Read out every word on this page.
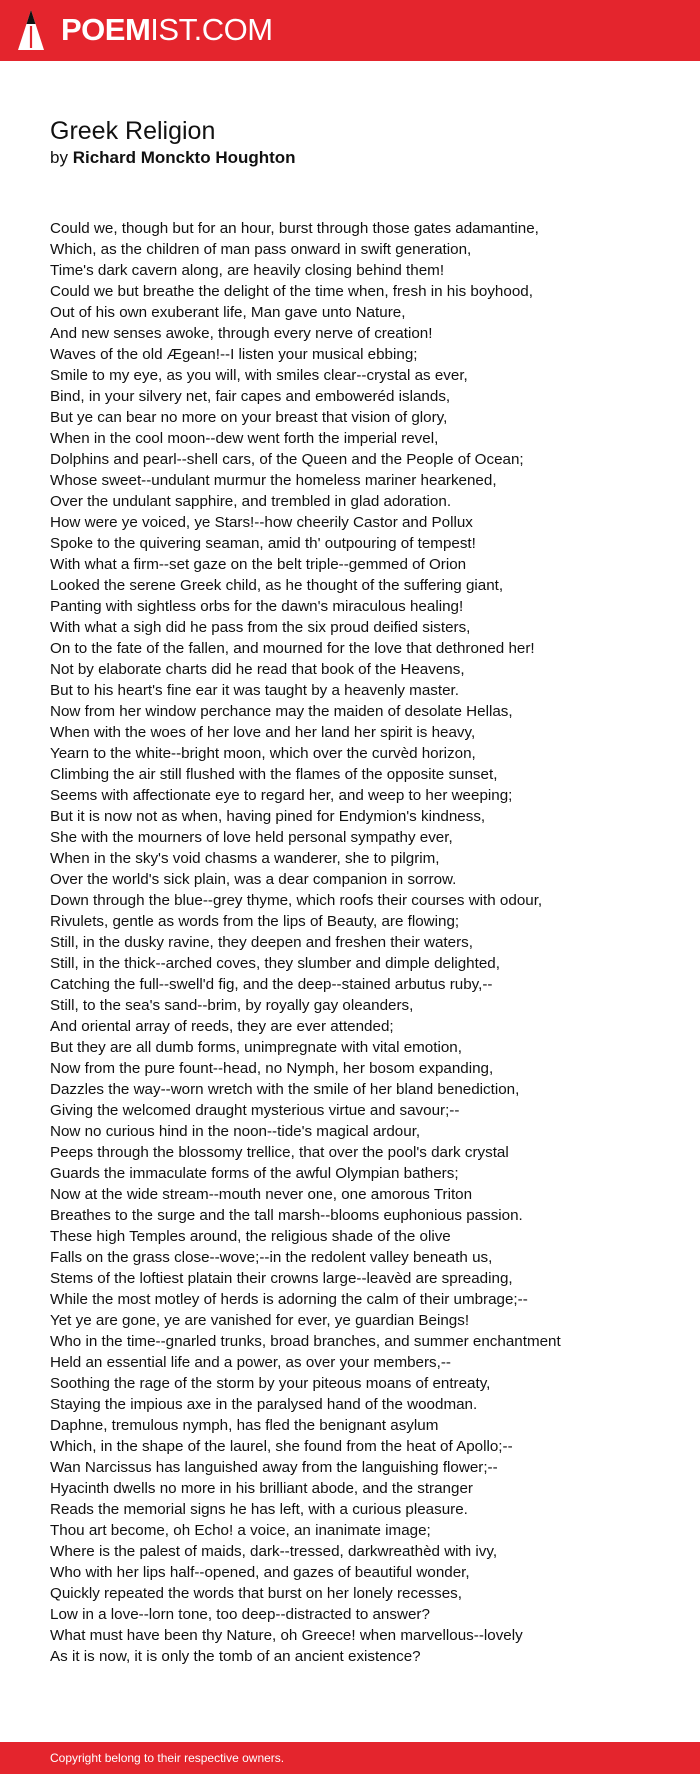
POEMIST.COM
Greek Religion
by Richard Monckto Houghton
Could we, though but for an hour, burst through those gates adamantine,
Which, as the children of man pass onward in swift generation,
Time's dark cavern along, are heavily closing behind them!
Could we but breathe the delight of the time when, fresh in his boyhood,
Out of his own exuberant life, Man gave unto Nature,
And new senses awoke, through every nerve of creation!
Waves of the old Ægean!--I listen your musical ebbing;
Smile to my eye, as you will, with smiles clear--crystal as ever,
Bind, in your silvery net, fair capes and emboweréd islands,
But ye can bear no more on your breast that vision of glory,
When in the cool moon--dew went forth the imperial revel,
Dolphins and pearl--shell cars, of the Queen and the People of Ocean;
Whose sweet--undulant murmur the homeless mariner hearkened,
Over the undulant sapphire, and trembled in glad adoration.
How were ye voiced, ye Stars!--how cheerily Castor and Pollux
Spoke to the quivering seaman, amid th' outpouring of tempest!
With what a firm--set gaze on the belt triple--gemmed of Orion
Looked the serene Greek child, as he thought of the suffering giant,
Panting with sightless orbs for the dawn's miraculous healing!
With what a sigh did he pass from the six proud deified sisters,
On to the fate of the fallen, and mourned for the love that dethroned her!
Not by elaborate charts did he read that book of the Heavens,
But to his heart's fine ear it was taught by a heavenly master.
Now from her window perchance may the maiden of desolate Hellas,
When with the woes of her love and her land her spirit is heavy,
Yearn to the white--bright moon, which over the curvèd horizon,
Climbing the air still flushed with the flames of the opposite sunset,
Seems with affectionate eye to regard her, and weep to her weeping;
But it is now not as when, having pined for Endymion's kindness,
She with the mourners of love held personal sympathy ever,
When in the sky's void chasms a wanderer, she to pilgrim,
Over the world's sick plain, was a dear companion in sorrow.
Down through the blue--grey thyme, which roofs their courses with odour,
Rivulets, gentle as words from the lips of Beauty, are flowing;
Still, in the dusky ravine, they deepen and freshen their waters,
Still, in the thick--arched coves, they slumber and dimple delighted,
Catching the full--swell'd fig, and the deep--stained arbutus ruby,--
Still, to the sea's sand--brim, by royally gay oleanders,
And oriental array of reeds, they are ever attended;
But they are all dumb forms, unimpregnate with vital emotion,
Now from the pure fount--head, no Nymph, her bosom expanding,
Dazzles the way--worn wretch with the smile of her bland benediction,
Giving the welcomed draught mysterious virtue and savour;--
Now no curious hind in the noon--tide's magical ardour,
Peeps through the blossomy trellice, that over the pool's dark crystal
Guards the immaculate forms of the awful Olympian bathers;
Now at the wide stream--mouth never one, one amorous Triton
Breathes to the surge and the tall marsh--blooms euphonious passion.
These high Temples around, the religious shade of the olive
Falls on the grass close--wove;--in the redolent valley beneath us,
Stems of the loftiest platain their crowns large--leavèd are spreading,
While the most motley of herds is adorning the calm of their umbrage;--
Yet ye are gone, ye are vanished for ever, ye guardian Beings!
Who in the time--gnarled trunks, broad branches, and summer enchantment
Held an essential life and a power, as over your members,--
Soothing the rage of the storm by your piteous moans of entreaty,
Staying the impious axe in the paralysed hand of the woodman.
Daphne, tremulous nymph, has fled the benignant asylum
Which, in the shape of the laurel, she found from the heat of Apollo;--
Wan Narcissus has languished away from the languishing flower;--
Hyacinth dwells no more in his brilliant abode, and the stranger
Reads the memorial signs he has left, with a curious pleasure.
Thou art become, oh Echo! a voice, an inanimate image;
Where is the palest of maids, dark--tressed, darkwreathèd with ivy,
Who with her lips half--opened, and gazes of beautiful wonder,
Quickly repeated the words that burst on her lonely recesses,
Low in a love--lorn tone, too deep--distracted to answer?
What must have been thy Nature, oh Greece! when marvellous--lovely
As it is now, it is only the tomb of an ancient existence?
Copyright belong to their respective owners.
